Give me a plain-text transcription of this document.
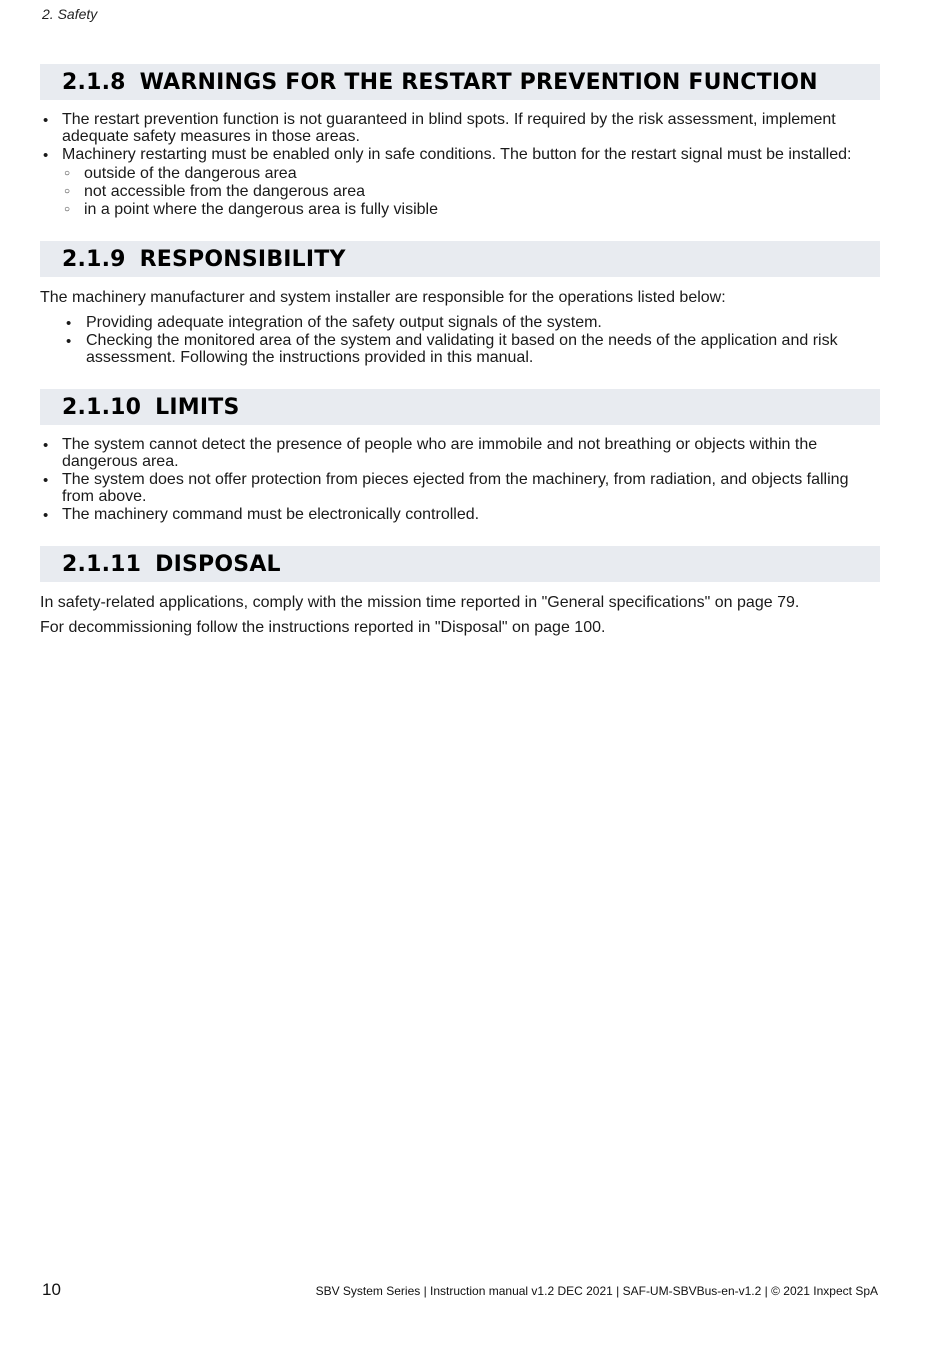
2. Safety
2.1.8 WARNINGS FOR THE RESTART PREVENTION FUNCTION
• The restart prevention function is not guaranteed in blind spots. If required by the risk assessment, implement adequate safety measures in those areas.
• Machinery restarting must be enabled only in safe conditions. The button for the restart signal must be installed:
○ outside of the dangerous area
○ not accessible from the dangerous area
○ in a point where the dangerous area is fully visible
2.1.9 RESPONSIBILITY

The machinery manufacturer and system installer are responsible for the operations listed below:

• Providing adequate integration of the safety output signals of the system.
• Checking the monitored area of the system and validating it based on the needs of the application and risk assessment. Following the instructions provided in this manual.
2.1.10 LIMITS
• The system cannot detect the presence of people who are immobile and not breathing or objects within the dangerous area.
• The system does not offer protection from pieces ejected from the machinery, from radiation, and objects falling from above.
• The machinery command must be electronically controlled.
2.1.11 DISPOSAL

In safety-related applications, comply with the mission time reported in "General specifications" on page 79.

For decommissioning follow the instructions reported in "Disposal" on page 100.

10	SBV System Series | Instruction manual v1.2 DEC 2021 | SAF-UM-SBVBus-en-v1.2 | © 2021 Inxpect SpA
